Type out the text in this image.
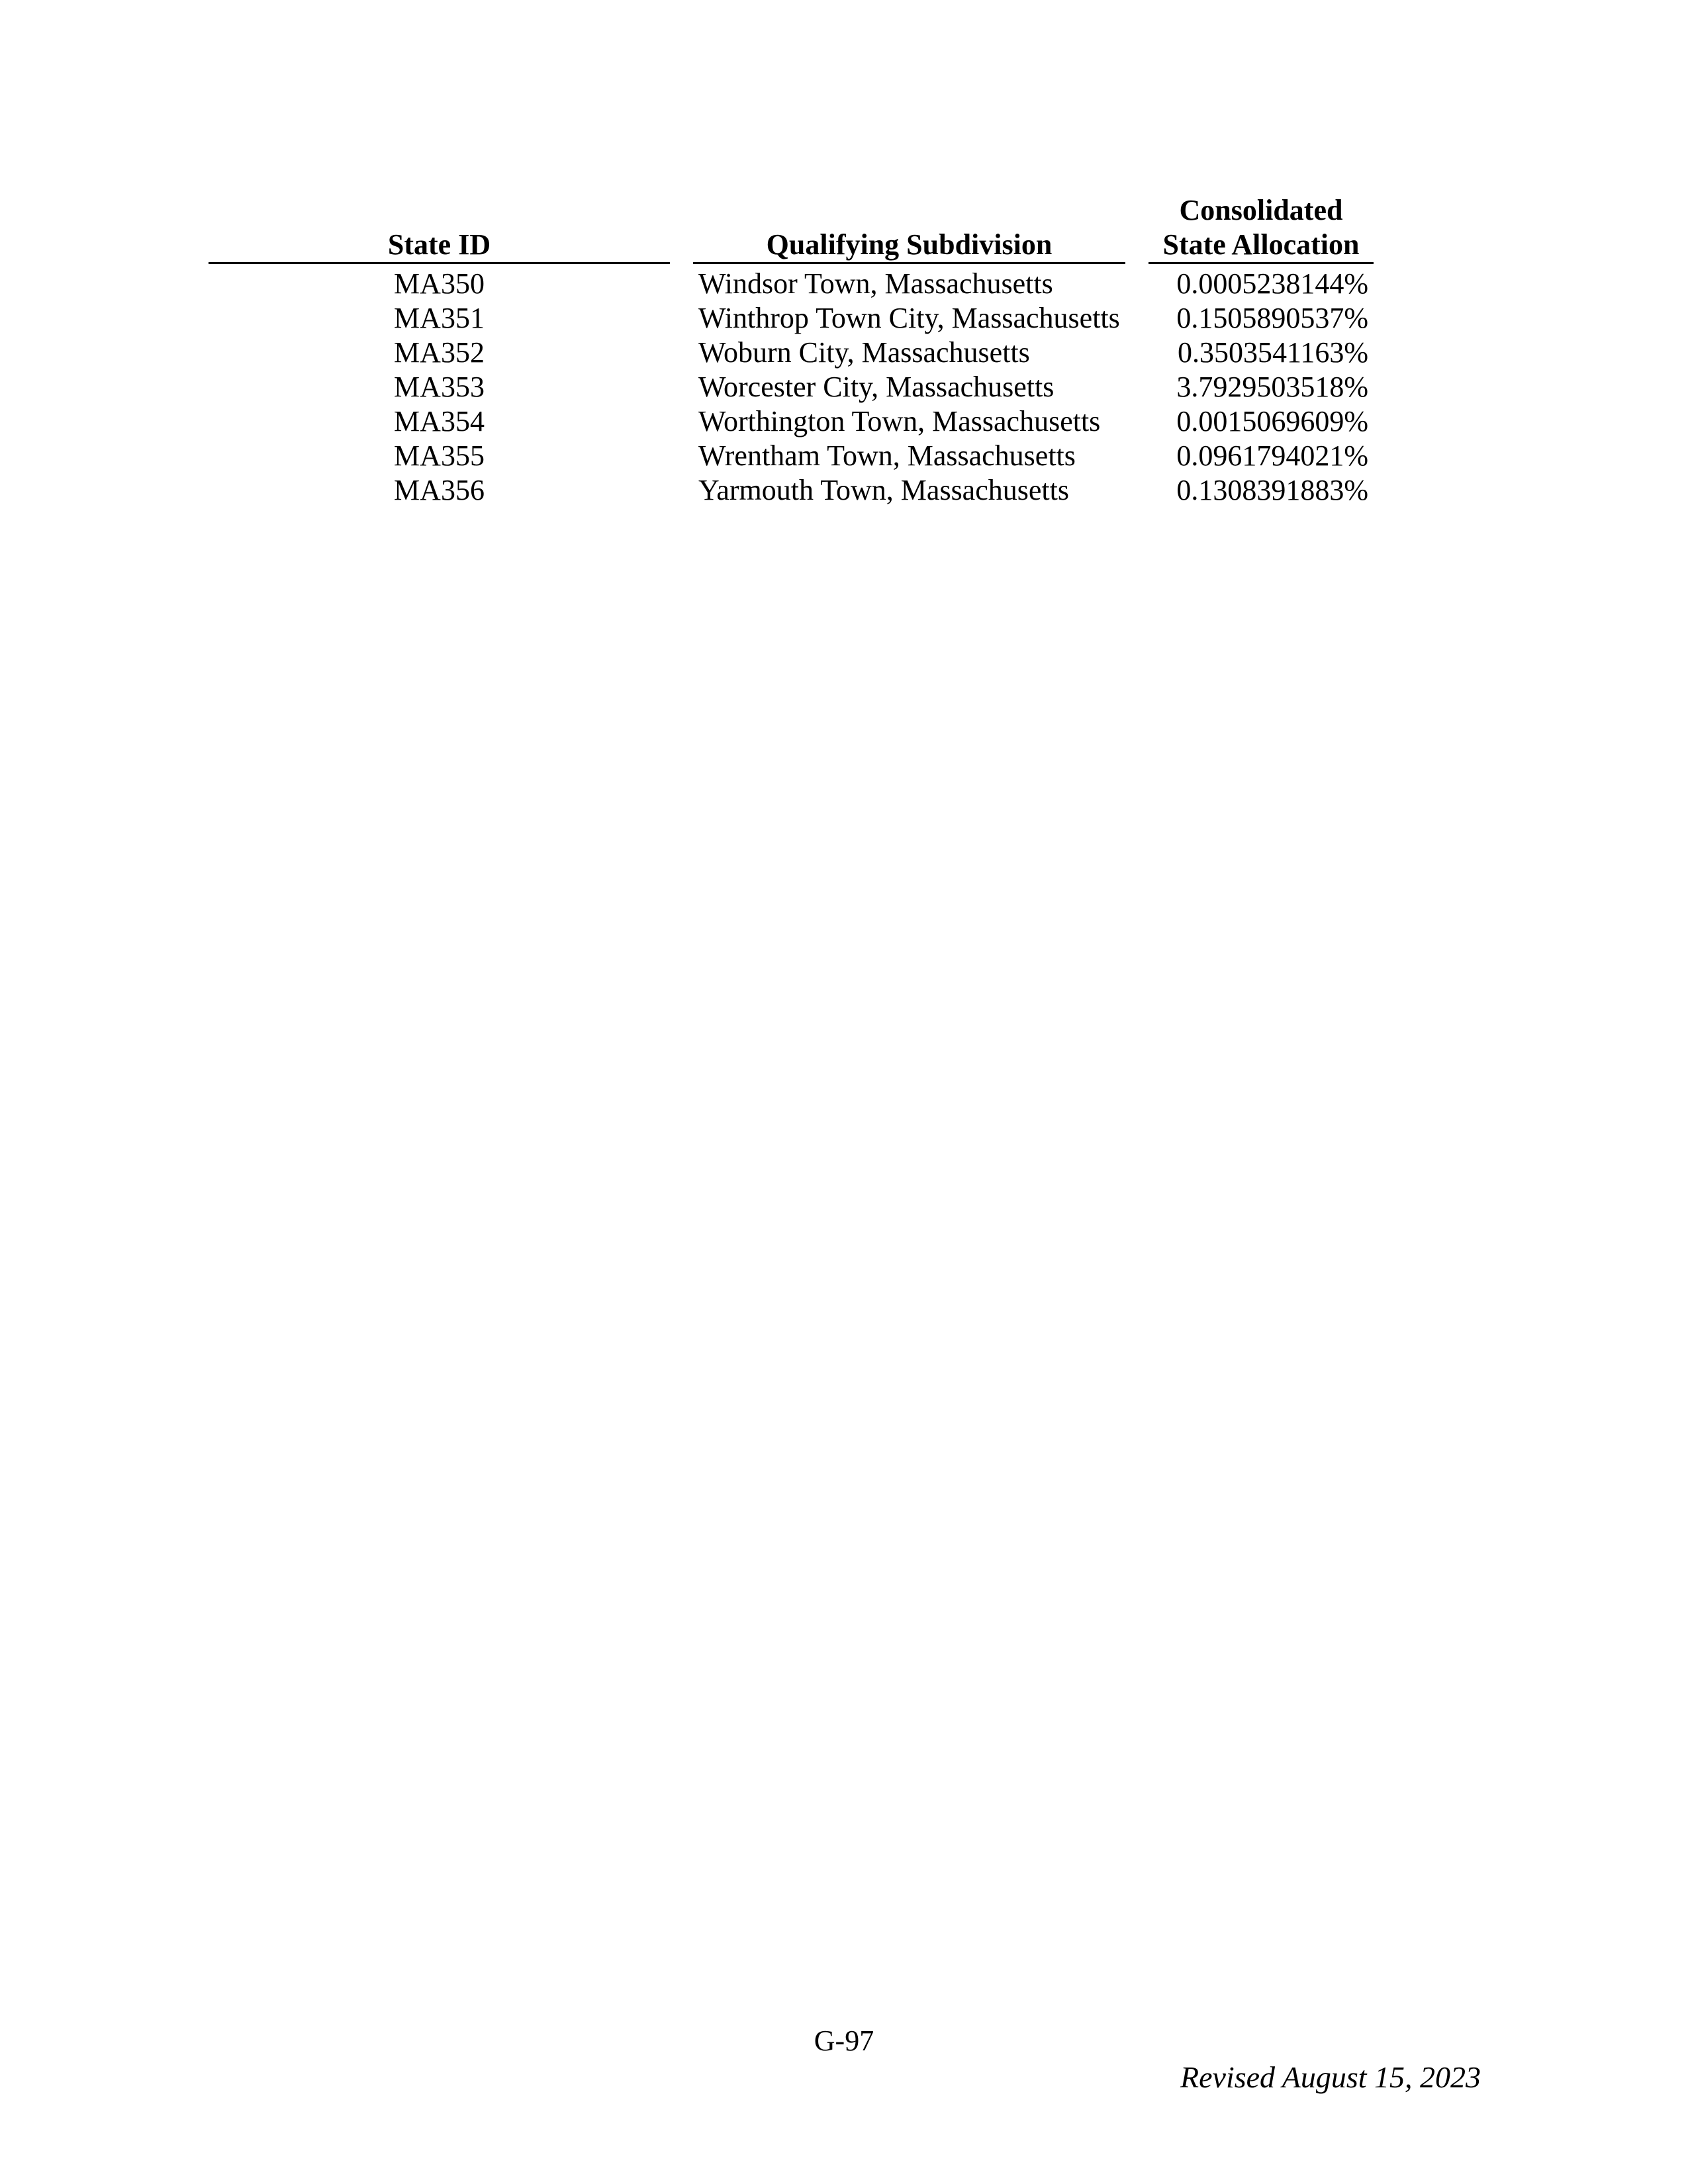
State ID		Qualifying Subdivision		Consolidated
State Allocation
MA350		Windsor Town, Massachusetts		0.0005238144%
MA351		Winthrop Town City, Massachusetts		0.1505890537%
MA352		Woburn City, Massachusetts		0.3503541163%
MA353		Worcester City, Massachusetts		3.7929503518%
MA354		Worthington Town, Massachusetts		0.0015069609%
MA355		Wrentham Town, Massachusetts		0.0961794021%
MA356		Yarmouth Town, Massachusetts		0.1308391883%
G-97
Revised August 15, 2023
